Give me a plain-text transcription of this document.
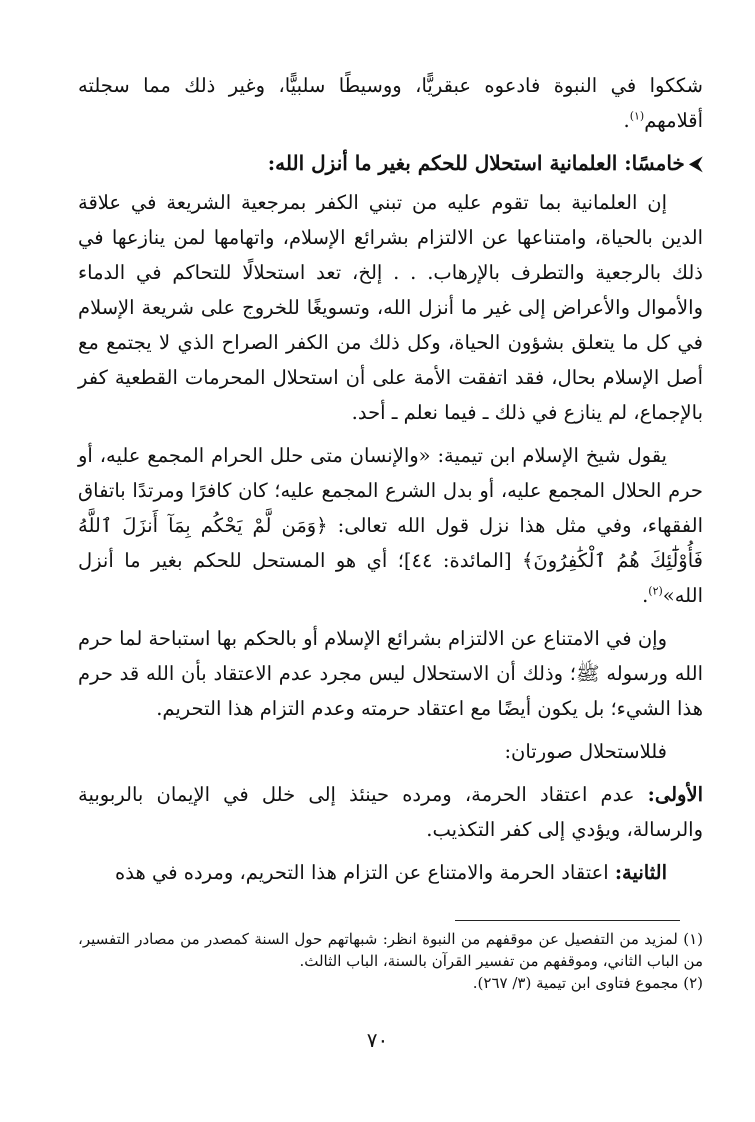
شككوا في النبوة فادعوه عبقريًّا، ووسيطًا سلبيًّا، وغير ذلك مما سجلته أقلامهم$^{(١)}$.

⮜خامسًا: العلمانية استحلال للحكم بغير ما أنزل الله:

إن العلمانية بما تقوم عليه من تبني الكفر بمرجعية الشريعة في علاقة الدين بالحياة، وامتناعها عن الالتزام بشرائع الإسلام، واتهامها لمن ينازعها في ذلك بالرجعية والتطرف بالإرهاب. . . إلخ، تعد استحلالًا للتحاكم في الدماء والأموال والأعراض إلى غير ما أنزل الله، وتسويغًا للخروج على شريعة الإسلام في كل ما يتعلق بشؤون الحياة، وكل ذلك من الكفر الصراح الذي لا يجتمع مع أصل الإسلام بحال، فقد اتفقت الأمة على أن استحلال المحرمات القطعية كفر بالإجماع، لم ينازع في ذلك ـ فيما نعلم ـ أحد.

يقول شيخ الإسلام ابن تيمية: «والإنسان متى حلل الحرام المجمع عليه، أو حرم الحلال المجمع عليه، أو بدل الشرع المجمع عليه؛ كان كافرًا ومرتدًا باتفاق الفقهاء، وفي مثل هذا نزل قول الله تعالى: ﴿وَمَن لَّمْ يَحْكُم بِمَآ أَنزَلَ ٱللَّهُ فَأُوْلَٰٓئِكَ هُمُ ٱلْكَٰفِرُونَ﴾ [المائدة: ٤٤]؛ أي هو المستحل للحكم بغير ما أنزل الله»$^{(٢)}$.

وإن في الامتناع عن الالتزام بشرائع الإسلام أو بالحكم بها استباحة لما حرم الله ورسوله ﷺ؛ وذلك أن الاستحلال ليس مجرد عدم الاعتقاد بأن الله قد حرم هذا الشيء؛ بل يكون أيضًا مع اعتقاد حرمته وعدم التزام هذا التحريم.

فللاستحلال صورتان:

الأولى: عدم اعتقاد الحرمة، ومرده حينئذ إلى خلل في الإيمان بالربوبية والرسالة، ويؤدي إلى كفر التكذيب.

الثانية: اعتقاد الحرمة والامتناع عن التزام هذا التحريم، ومرده في هذه

(١) لمزيد من التفصيل عن موقفهم من النبوة انظر: شبهاتهم حول السنة كمصدر من مصادر التفسير، من الباب الثاني، وموقفهم من تفسير القرآن بالسنة، الباب الثالث.

(٢) مجموع فتاوى ابن تيمية (٣/ ٢٦٧).

٧٠
